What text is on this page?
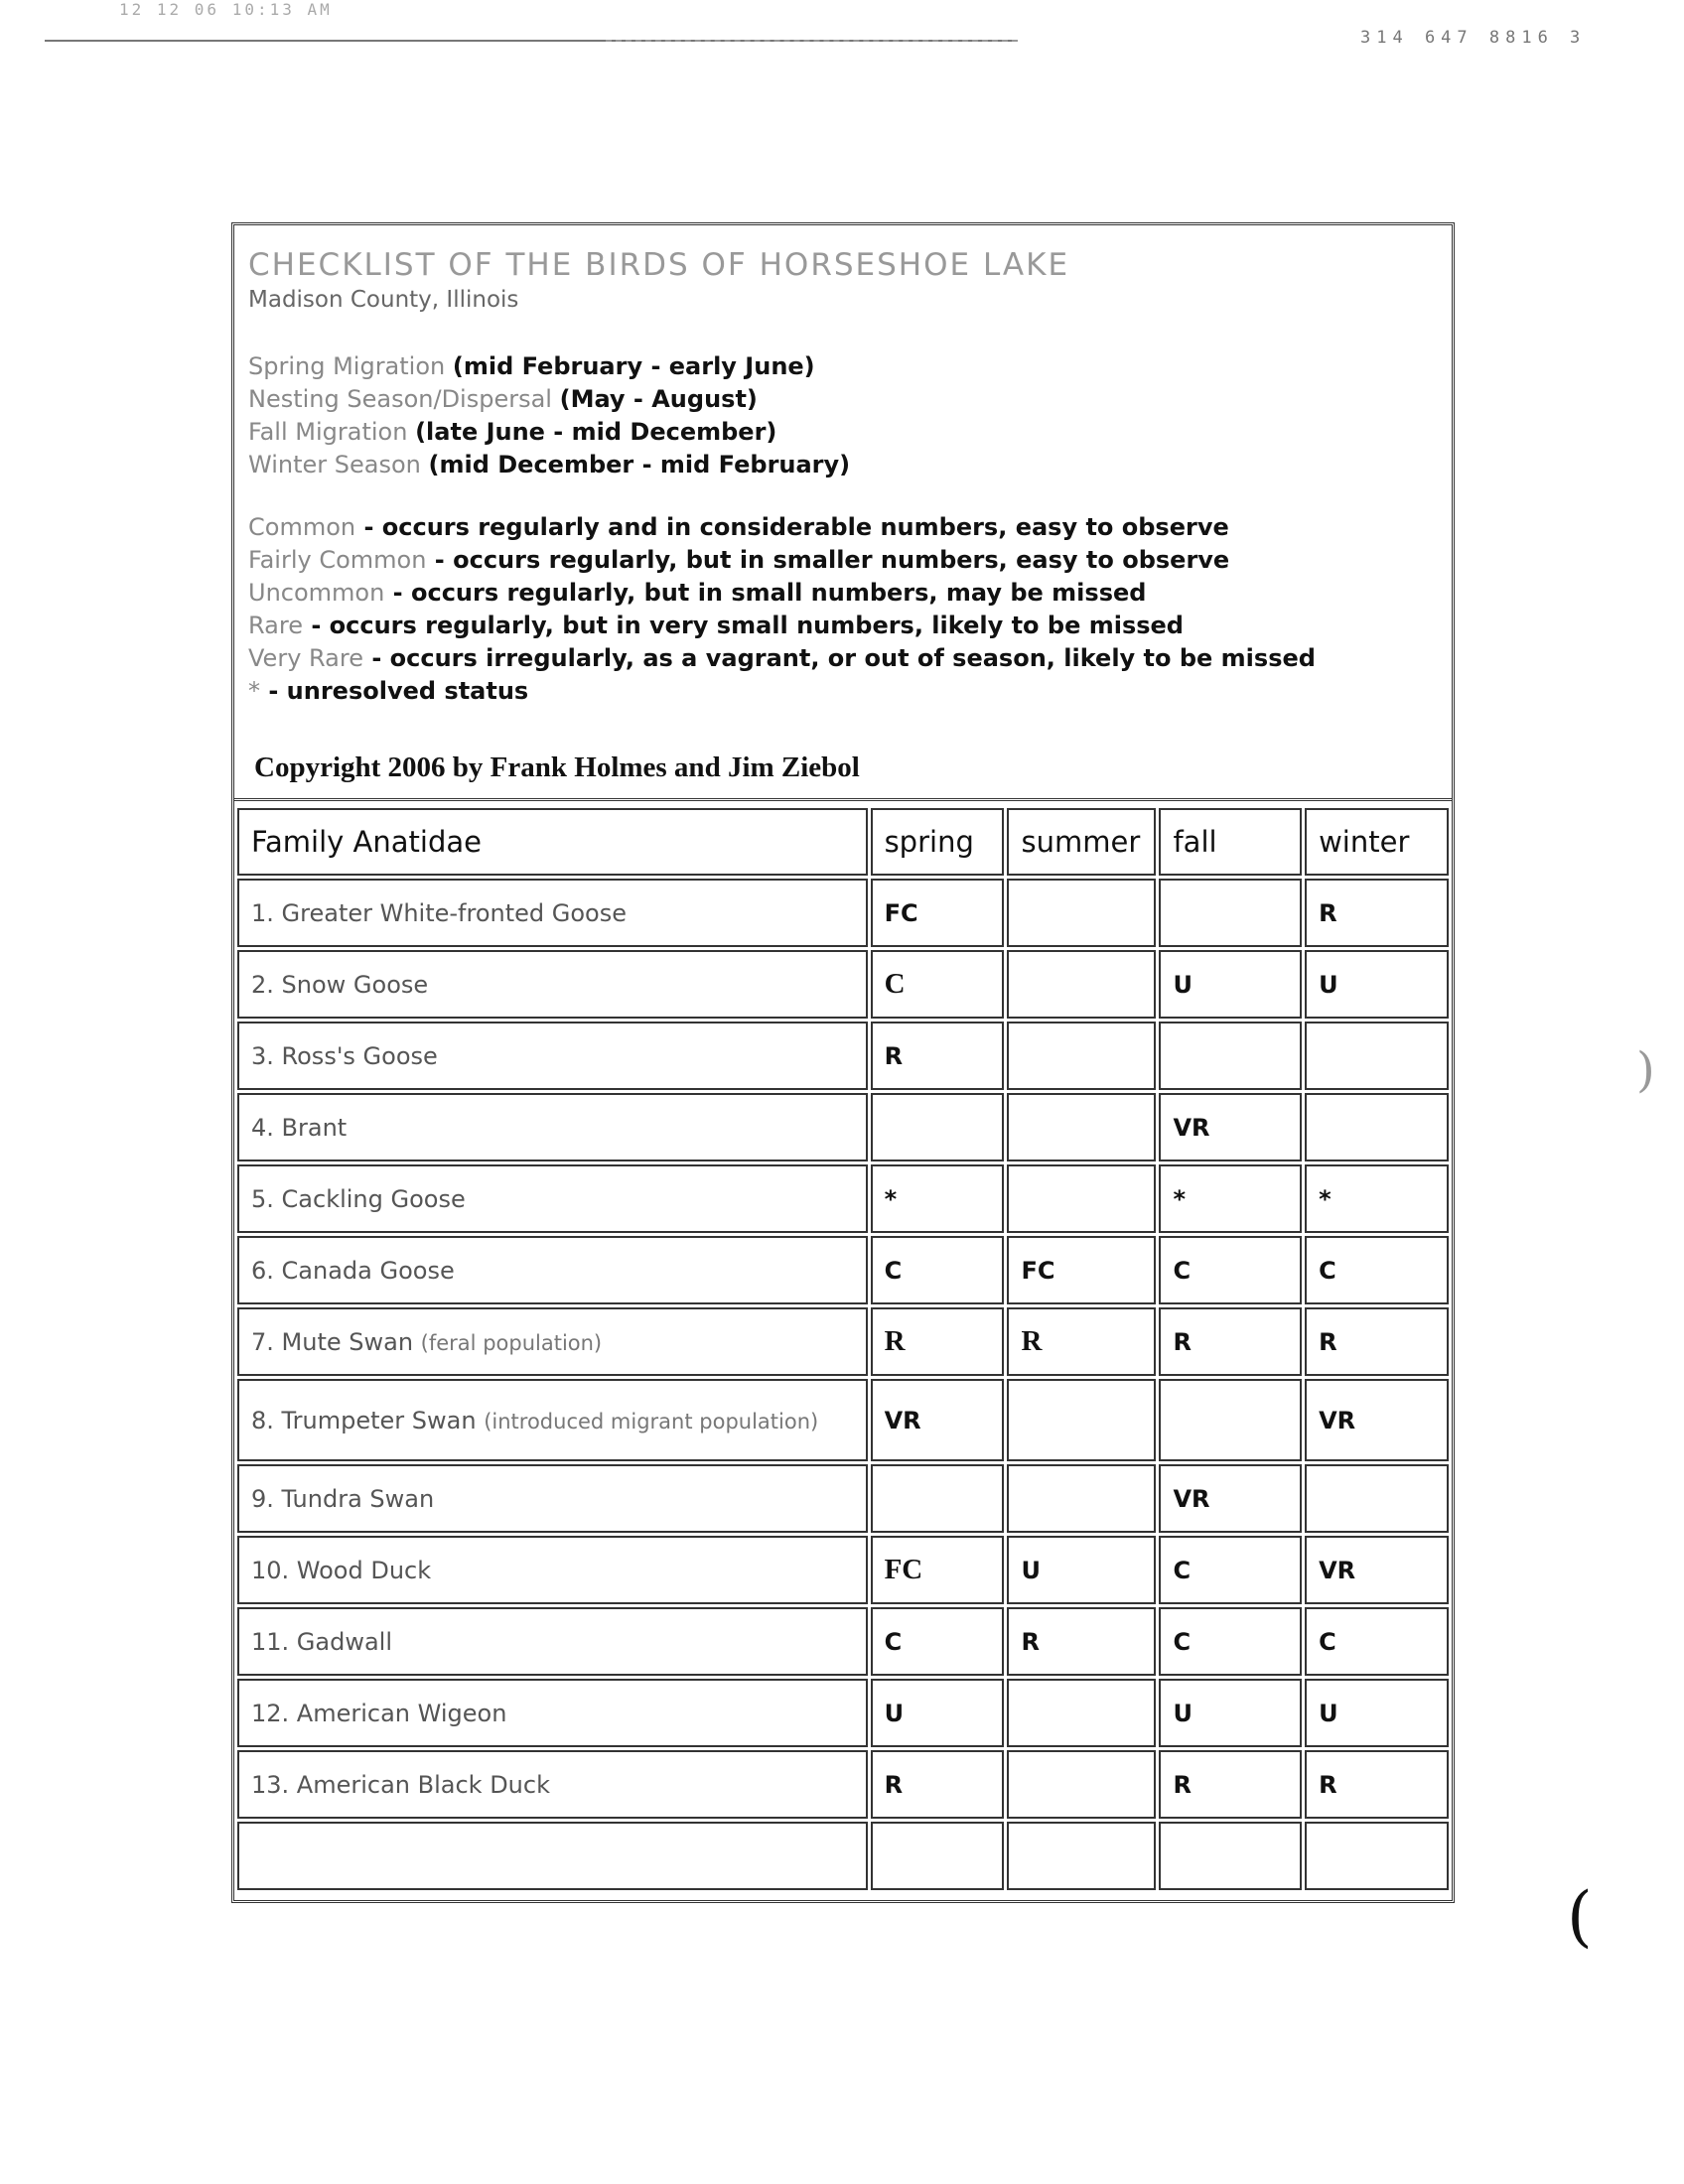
12 12 06 10:13 AM
314 647 8816 3
CHECKLIST OF THE BIRDS OF HORSESHOE LAKE
Madison County, Illinois
Spring Migration (mid February - early June)
Nesting Season/Dispersal (May - August)
Fall Migration (late June - mid December)
Winter Season (mid December - mid February)
Common - occurs regularly and in considerable numbers, easy to observe
Fairly Common - occurs regularly, but in smaller numbers, easy to observe
Uncommon - occurs regularly, but in small numbers, may be missed
Rare - occurs regularly, but in very small numbers, likely to be missed
Very Rare - occurs irregularly, as a vagrant, or out of season, likely to be missed
* - unresolved status
Copyright 2006 by Frank Holmes and Jim Ziebol
Family Anatidae	spring	summer	fall	winter
1. Greater White-fronted Goose	FC			R
2. Snow Goose	C		U	U
3. Ross's Goose	R			
4. Brant			VR	
5. Cackling Goose	*		*	*
6. Canada Goose	C	FC	C	C
7. Mute Swan (feral population)	R	R	R	R
8. Trumpeter Swan (introduced migrant population)	VR			VR
9. Tundra Swan			VR	
10. Wood Duck	FC	U	C	VR
11. Gadwall	C	R	C	C
12. American Wigeon	U		U	U
13. American Black Duck	R		R	R

(
)
